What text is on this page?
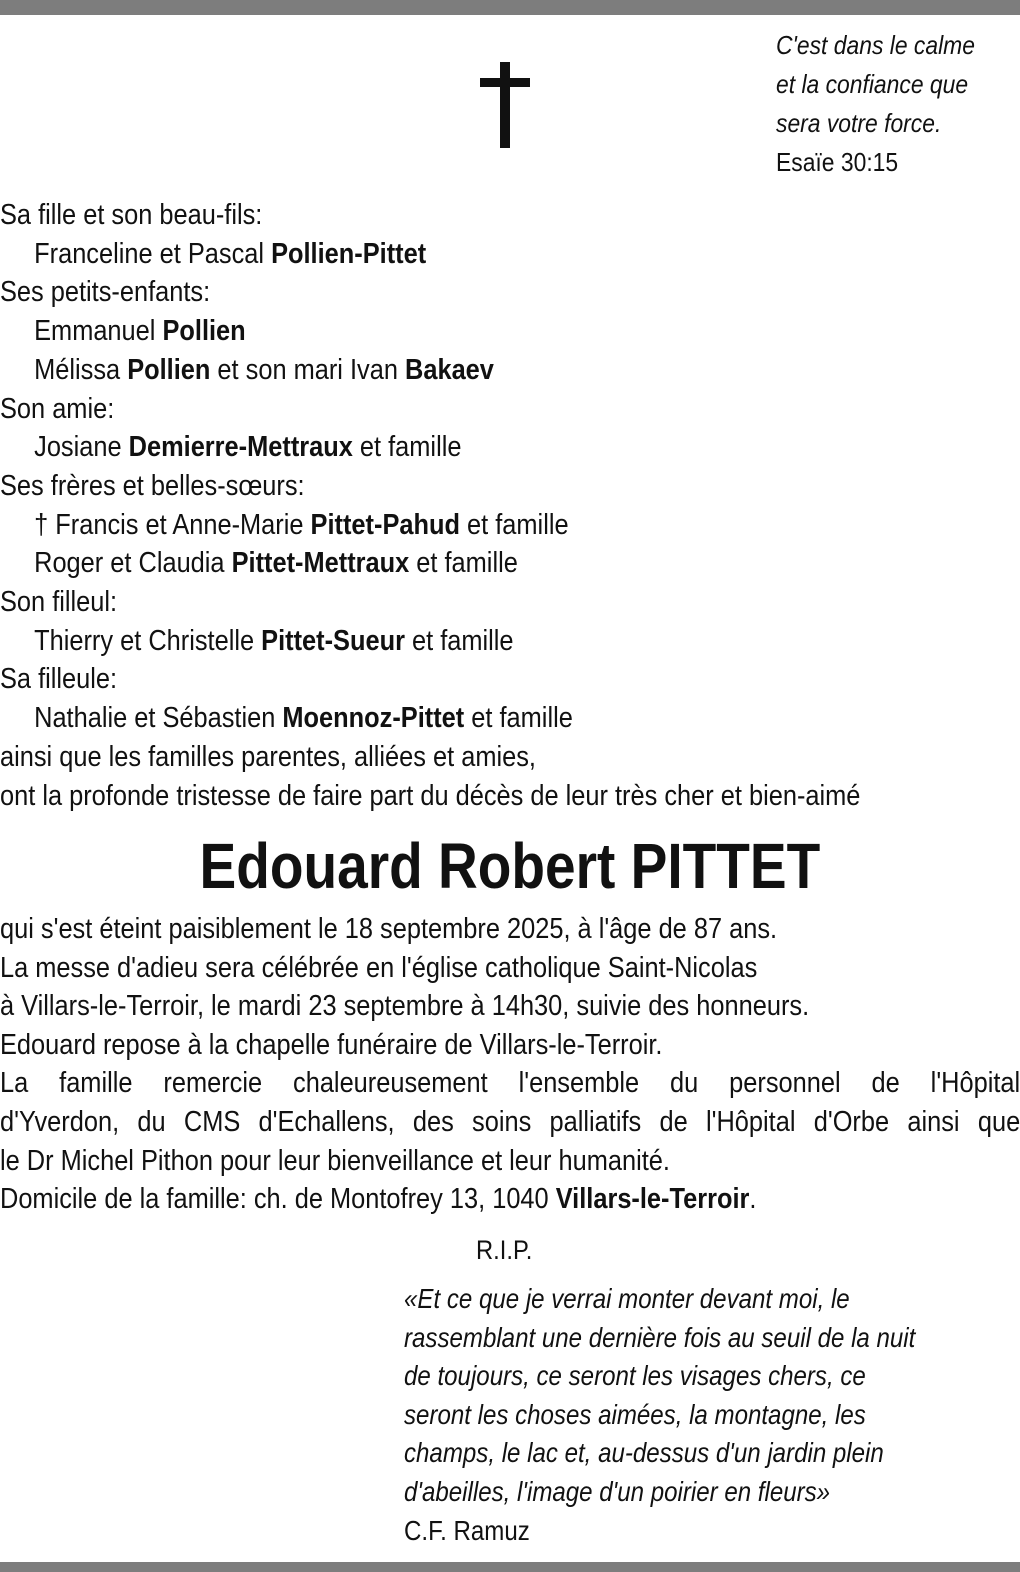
C'est dans le calme
et la confiance que
sera votre force.
Esaïe 30:15
Sa fille et son beau-fils:
Franceline et Pascal Pollien-Pittet
Ses petits-enfants:
Emmanuel Pollien
Mélissa Pollien et son mari Ivan Bakaev
Son amie:
Josiane Demierre-Mettraux et famille
Ses frères et belles-sœurs:
† Francis et Anne-Marie Pittet-Pahud et famille
Roger et Claudia Pittet-Mettraux et famille
Son filleul:
Thierry et Christelle Pittet-Sueur et famille
Sa filleule:
Nathalie et Sébastien Moennoz-Pittet et famille
ainsi que les familles parentes, alliées et amies,
ont la profonde tristesse de faire part du décès de leur très cher et bien-aimé
Edouard Robert PITTET
qui s'est éteint paisiblement le 18 septembre 2025, à l'âge de 87 ans.
La messe d'adieu sera célébrée en l'église catholique Saint-Nicolas
à Villars-le-Terroir, le mardi 23 septembre à 14h30, suivie des honneurs.
Edouard repose à la chapelle funéraire de Villars-le-Terroir.
La famille remercie chaleureusement l'ensemble du personnel de l'Hôpital
d'Yverdon, du CMS d'Echallens, des soins palliatifs de l'Hôpital d'Orbe ainsi que
le Dr Michel Pithon pour leur bienveillance et leur humanité.
Domicile de la famille: ch. de Montofrey 13, 1040 Villars-le-Terroir.
R.I.P.
«Et ce que je verrai monter devant moi, le
rassemblant une dernière fois au seuil de la nuit
de toujours, ce seront les visages chers, ce
seront les choses aimées, la montagne, les
champs, le lac et, au-dessus d'un jardin plein
d'abeilles, l'image d'un poirier en fleurs»
C.F. Ramuz
